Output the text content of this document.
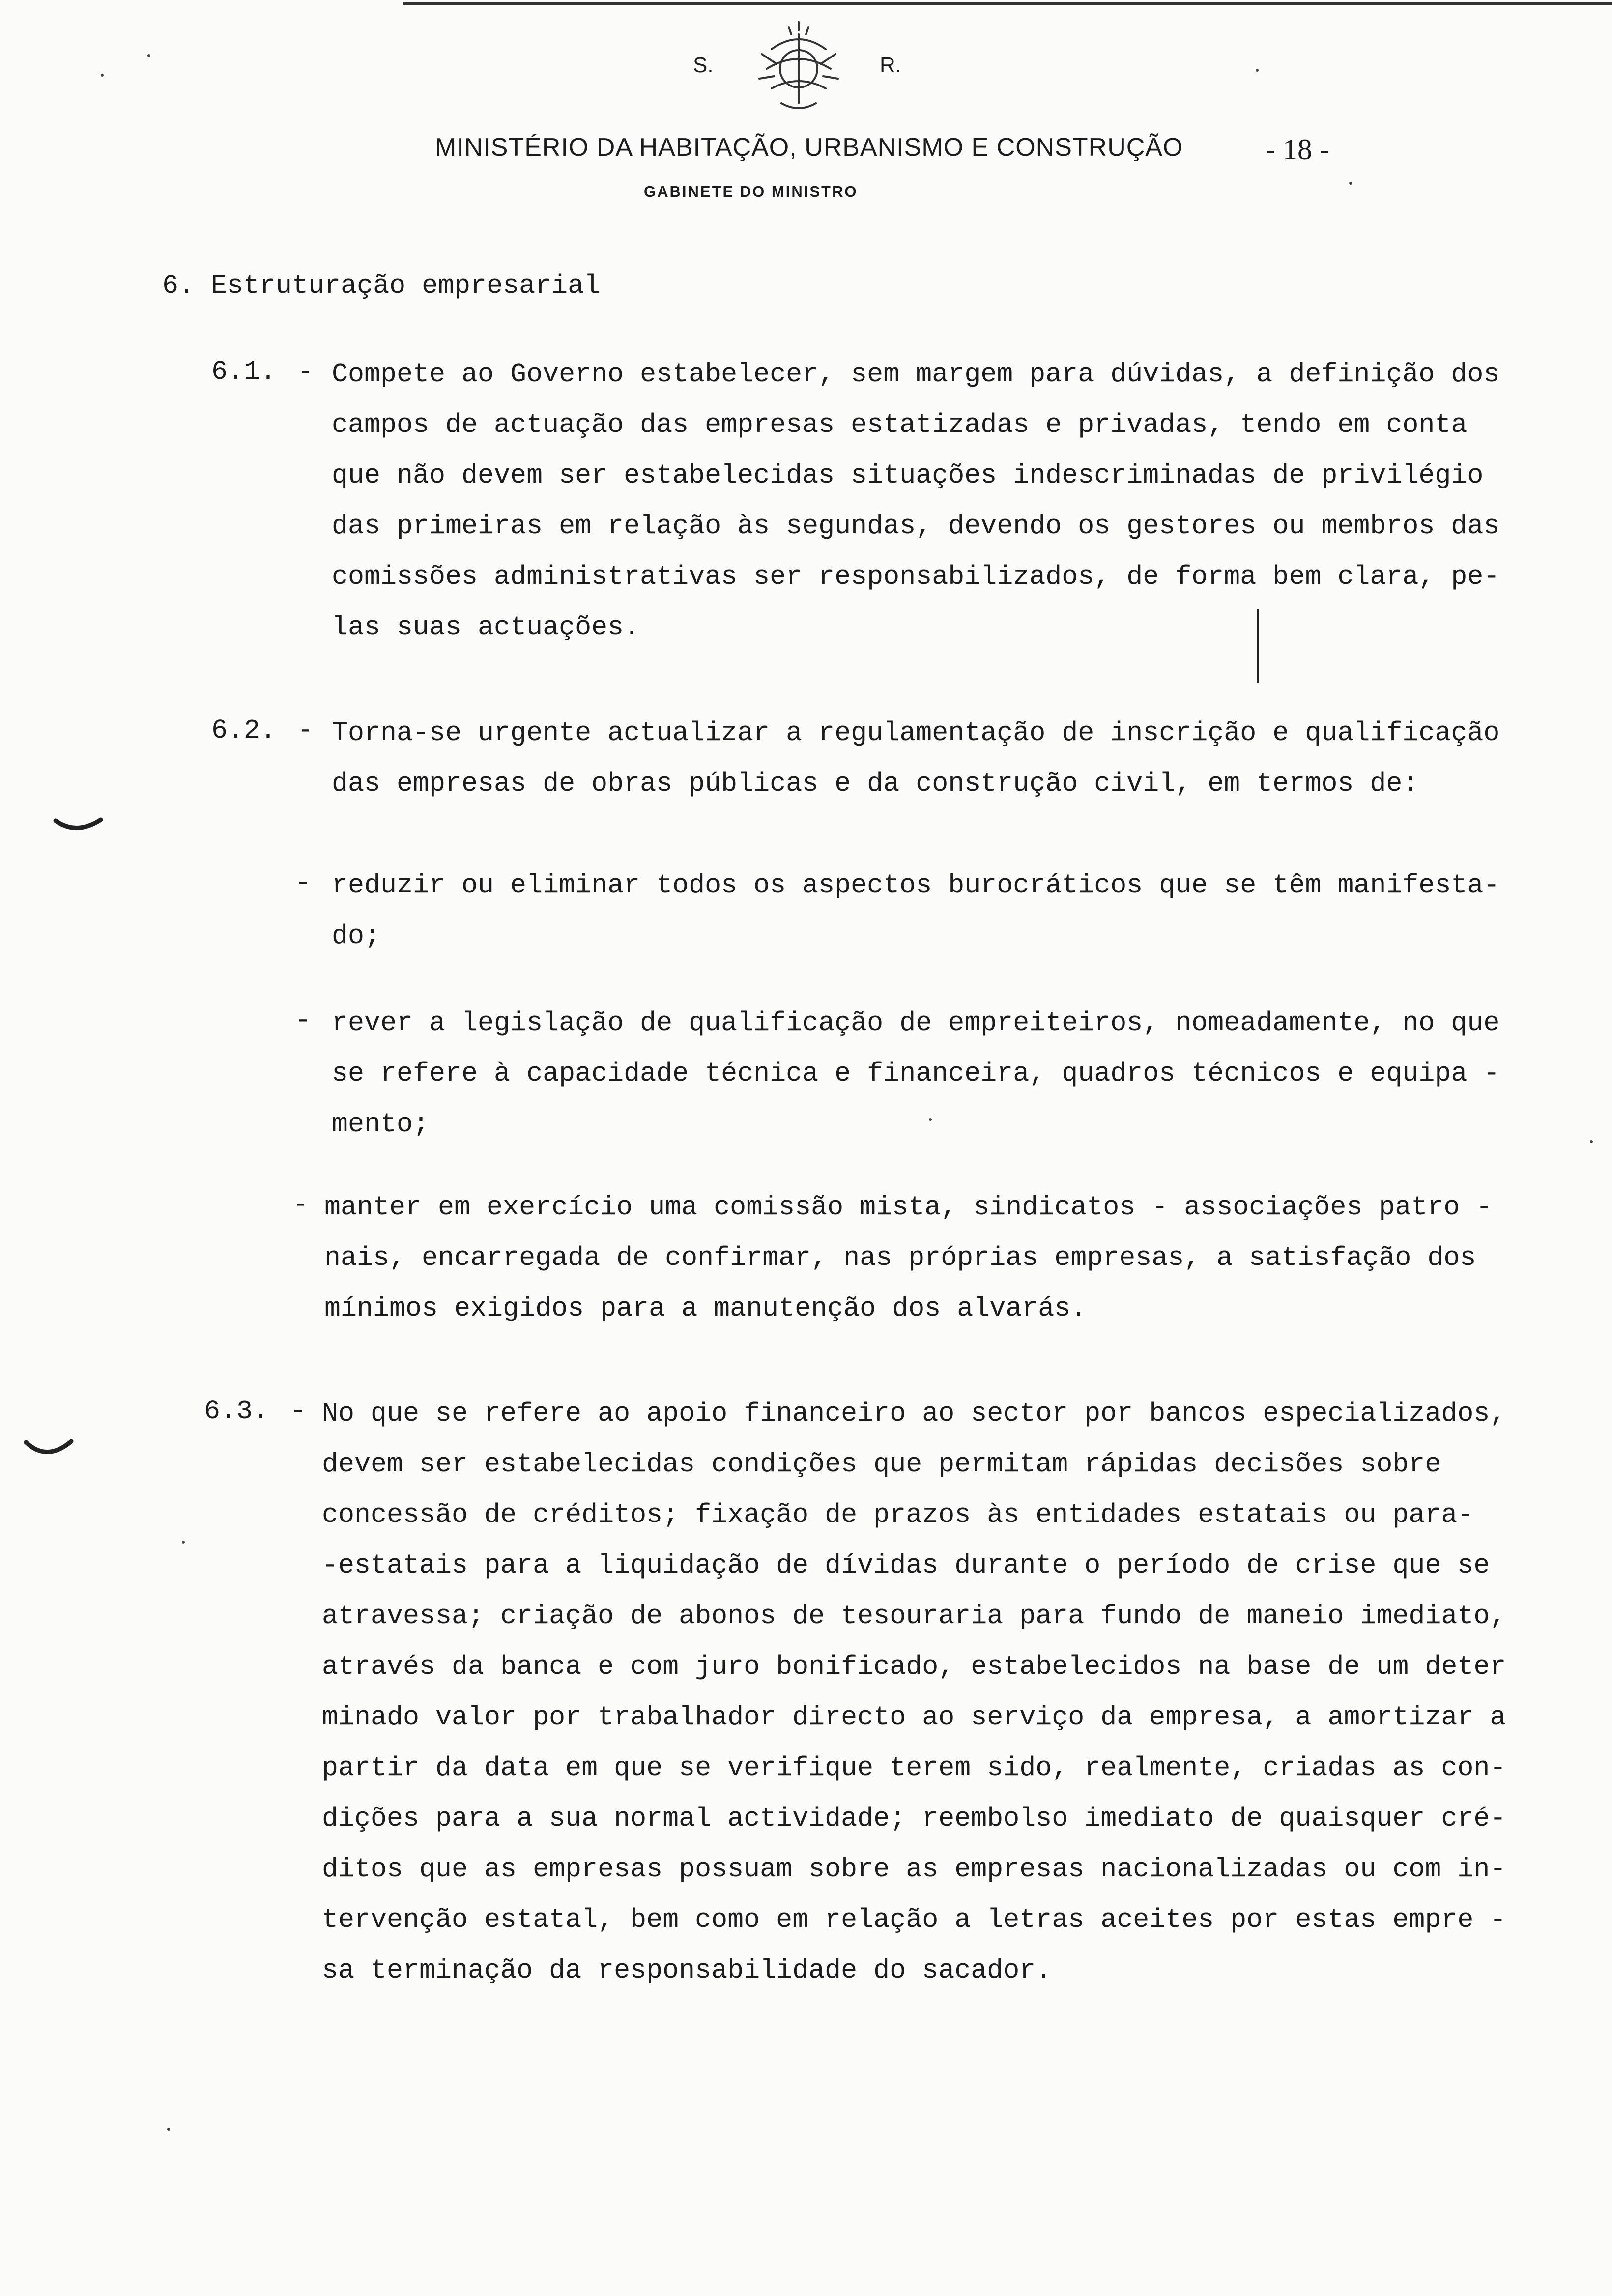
S.	R.
MINISTÉRIO DA HABITAÇÃO, URBANISMO E CONSTRUÇÃO	- 18 -
GABINETE DO MINISTRO
6. Estruturação empresarial
6.1. - Compete ao Governo estabelecer, sem margem para dúvidas, a definição dos
campos de actuação das empresas estatizadas e privadas, tendo em conta
que não devem ser estabelecidas situações indescriminadas de privilégio
das primeiras em relação às segundas, devendo os gestores ou membros das
comissões administrativas ser responsabilizados, de forma bem clara, pe-
las suas actuações.
6.2. - Torna-se urgente actualizar a regulamentação de inscrição e qualificação
das empresas de obras públicas e da construção civil, em termos de:
- reduzir ou eliminar todos os aspectos burocráticos que se têm manifesta-
do;
- rever a legislação de qualificação de empreiteiros, nomeadamente, no que
se refere à capacidade técnica e financeira, quadros técnicos e equipa -
mento;
- manter em exercício uma comissão mista, sindicatos - associações patro -
nais, encarregada de confirmar, nas próprias empresas, a satisfação dos
mínimos exigidos para a manutenção dos alvarás.
6.3. - No que se refere ao apoio financeiro ao sector por bancos especializados,
devem ser estabelecidas condições que permitam rápidas decisões sobre
concessão de créditos; fixação de prazos às entidades estatais ou para-
-estatais para a liquidação de dívidas durante o período de crise que se
atravessa; criação de abonos de tesouraria para fundo de maneio imediato,
através da banca e com juro bonificado, estabelecidos na base de um deter
minado valor por trabalhador directo ao serviço da empresa, a amortizar a
partir da data em que se verifique terem sido, realmente, criadas as con-
dições para a sua normal actividade; reembolso imediato de quaisquer cré-
ditos que as empresas possuam sobre as empresas nacionalizadas ou com in-
tervenção estatal, bem como em relação a letras aceites por estas empre -
sa terminação da responsabilidade do sacador.
